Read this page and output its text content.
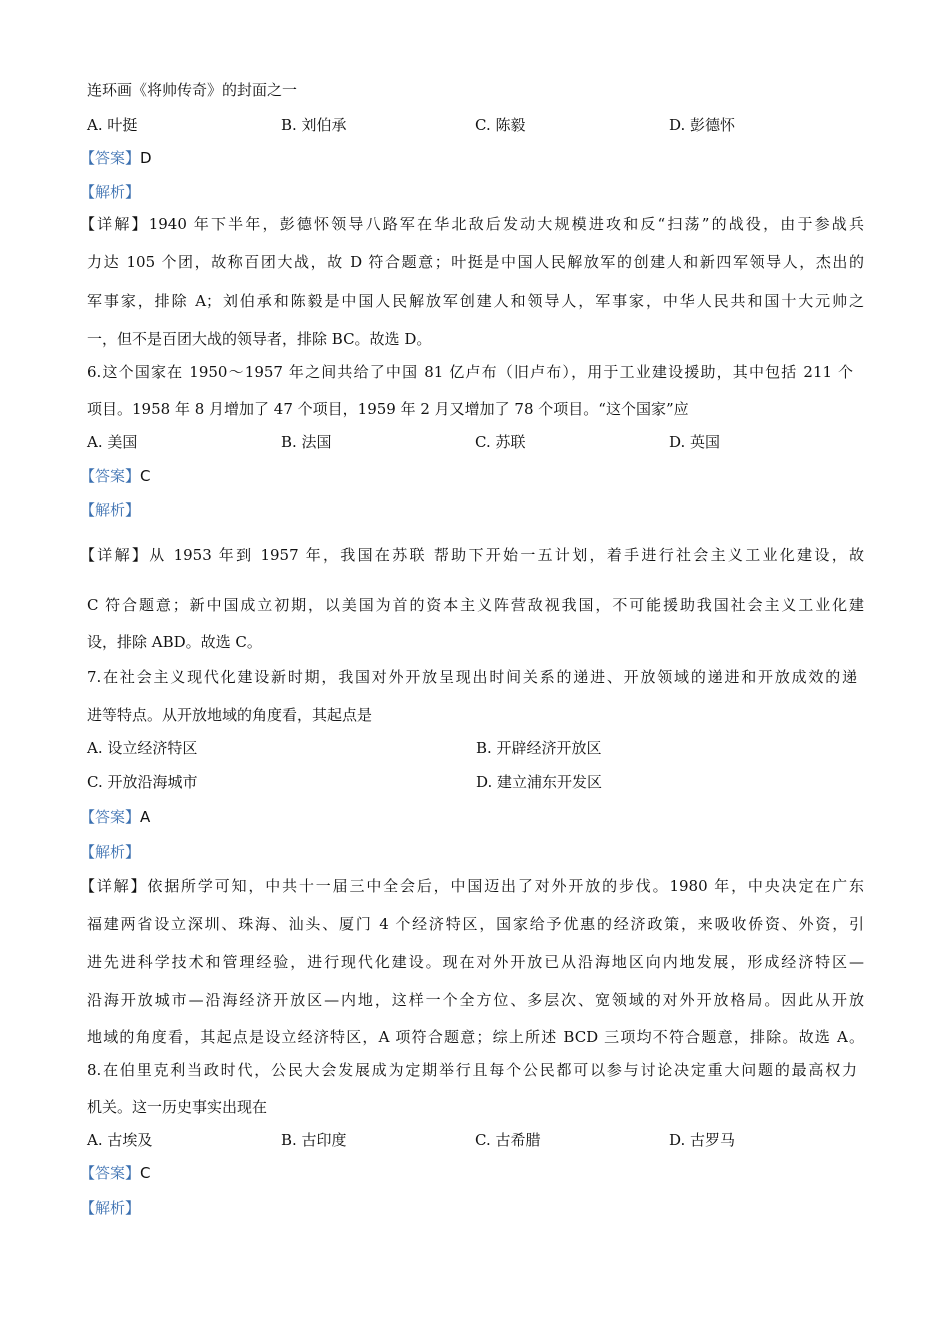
连环画《将帅传奇》的封面之一
A. 叶挺	B. 刘伯承	C. 陈毅	D. 彭德怀
【答案】D
【解析】
【详解】1940 年下半年，彭德怀领导八路军在华北敌后发动大规模进攻和反“扫荡”的战役，由于参战兵
力达 105 个团，故称百团大战，故 D 符合题意；叶挺是中国人民解放军的创建人和新四军领导人，杰出的
军事家，排除 A；刘伯承和陈毅是中国人民解放军创建人和领导人，军事家，中华人民共和国十大元帅之
一，但不是百团大战的领导者，排除 BC。故选 D。
6.这个国家在 1950～1957 年之间共给了中国 81 亿卢布（旧卢布），用于工业建设援助，其中包括 211 个
项目。1958 年 8 月增加了 47 个项目，1959 年 2 月又增加了 78 个项目。“这个国家”应
A. 美国	B. 法国	C. 苏联	D. 英国
【答案】C
【解析】
【详解】从 1953 年到 1957 年，我国在苏联 帮助下开始一五计划，着手进行社会主义工业化建设，故
C 符合题意；新中国成立初期，以美国为首的资本主义阵营敌视我国，不可能援助我国社会主义工业化建
设，排除 ABD。故选 C。
7.在社会主义现代化建设新时期，我国对外开放呈现出时间关系的递进、开放领域的递进和开放成效的递
进等特点。从开放地域的角度看，其起点是
A. 设立经济特区	B. 开辟经济开放区
C. 开放沿海城市	D. 建立浦东开发区
【答案】A
【解析】
【详解】依据所学可知，中共十一届三中全会后，中国迈出了对外开放的步伐。1980 年，中央决定在广东
福建两省设立深圳、珠海、汕头、厦门 4 个经济特区，国家给予优惠的经济政策，来吸收侨资、外资，引
进先进科学技术和管理经验，进行现代化建设。现在对外开放已从沿海地区向内地发展，形成经济特区—
沿海开放城市—沿海经济开放区—内地，这样一个全方位、多层次、宽领域的对外开放格局。因此从开放
地域的角度看，其起点是设立经济特区，A 项符合题意；综上所述 BCD 三项均不符合题意，排除。故选 A。
8.在伯里克利当政时代，公民大会发展成为定期举行且每个公民都可以参与讨论决定重大问题的最高权力
机关。这一历史事实出现在
A. 古埃及	B. 古印度	C. 古希腊	D. 古罗马
【答案】C
【解析】
